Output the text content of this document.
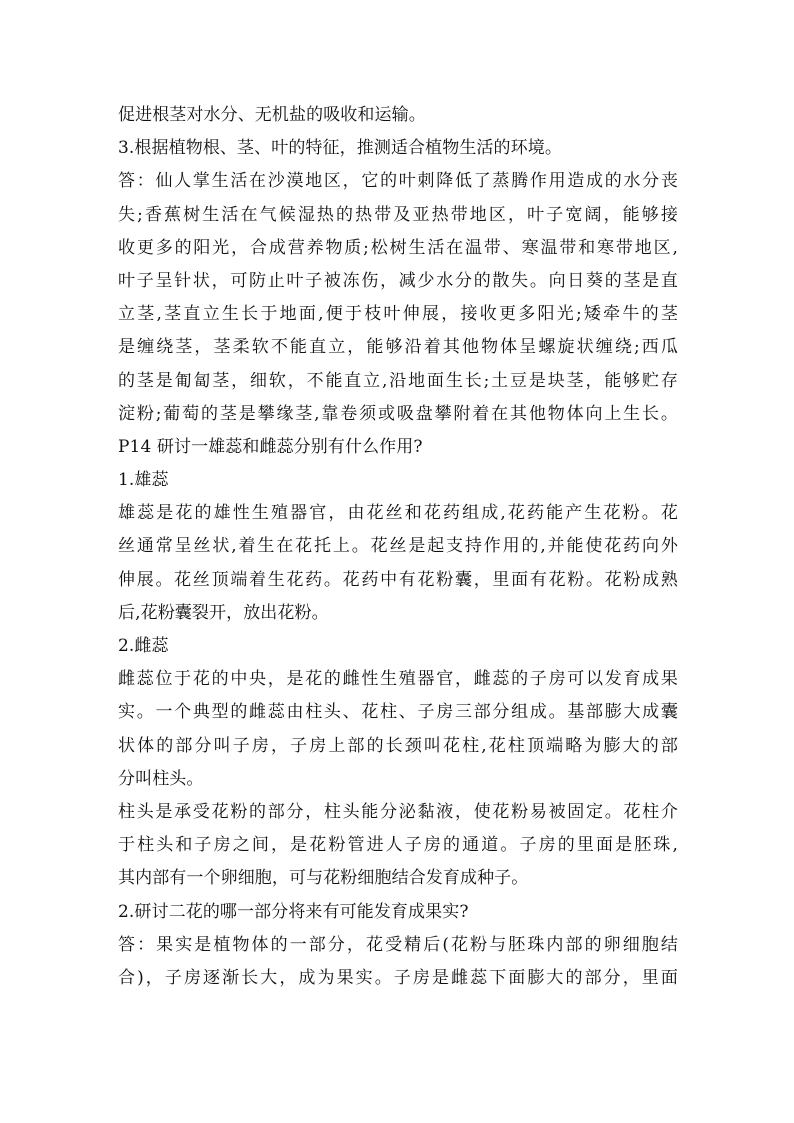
促进根茎对水分、无机盐的吸收和运输。
3.根据植物根、茎、叶的特征，推测适合植物生活的环境。
答：仙人掌生活在沙漠地区，它的叶刺降低了蒸腾作用造成的水分丧
失;香蕉树生活在气候湿热的热带及亚热带地区，叶子宽阔，能够接
收更多的阳光，合成营养物质;松树生活在温带、寒温带和寒带地区,
叶子呈针状，可防止叶子被冻伤，减少水分的散失。向日葵的茎是直
立茎,茎直立生长于地面,便于枝叶伸展，接收更多阳光;矮牵牛的茎
是缠绕茎，茎柔软不能直立，能够沿着其他物体呈螺旋状缠绕;西瓜
的茎是匍匐茎，细软，不能直立,沿地面生长;土豆是块茎，能够贮存
淀粉;葡萄的茎是攀缘茎,靠卷须或吸盘攀附着在其他物体向上生长。
P14 研讨一雄蕊和雌蕊分别有什么作用?
1.雄蕊
雄蕊是花的雄性生殖器官，由花丝和花药组成,花药能产生花粉。花
丝通常呈丝状,着生在花托上。花丝是起支持作用的,并能使花药向外
伸展。花丝顶端着生花药。花药中有花粉囊，里面有花粉。花粉成熟
后,花粉囊裂开，放出花粉。
2.雌蕊
雌蕊位于花的中央，是花的雌性生殖器官，雌蕊的子房可以发育成果
实。一个典型的雌蕊由柱头、花柱、子房三部分组成。基部膨大成囊
状体的部分叫子房，子房上部的长颈叫花柱,花柱顶端略为膨大的部
分叫柱头。
柱头是承受花粉的部分，柱头能分泌黏液，使花粉易被固定。花柱介
于柱头和子房之间，是花粉管进人子房的通道。子房的里面是胚珠,
其内部有一个卵细胞，可与花粉细胞结合发育成种子。
2.研讨二花的哪一部分将来有可能发育成果实?
答：果实是植物体的一部分，花受精后(花粉与胚珠内部的卵细胞结
合)，子房逐渐长大，成为果实。子房是雌蕊下面膨大的部分，里面
